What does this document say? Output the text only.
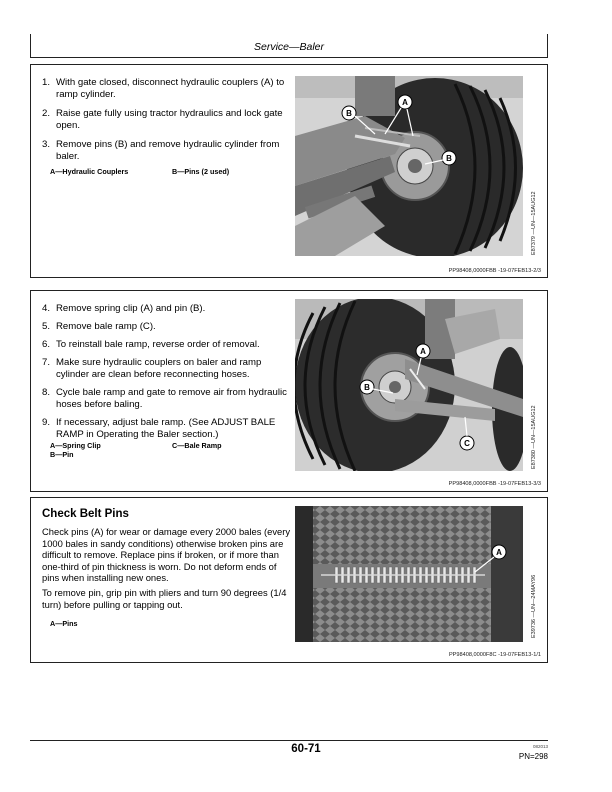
Service—Baler
1. With gate closed, disconnect hydraulic couplers (A) to ramp cylinder.
2. Raise gate fully using tractor hydraulics and lock gate open.
3. Remove pins (B) and remove hydraulic cylinder from baler.
A—Hydraulic Couplers	B—Pins (2 used)
A
B
B
E87379 —UN—15AUG12
PP98408,0000FBB -19-07FEB13-2/3
4. Remove spring clip (A) and pin (B).
5. Remove bale ramp (C).
6. To reinstall bale ramp, reverse order of removal.
7. Make sure hydraulic couplers on baler and ramp cylinder are clean before reconnecting hoses.
8. Cycle bale ramp and gate to remove air from hydraulic hoses before baling.
9. If necessary, adjust bale ramp. (See ADJUST BALE RAMP in Operating the Baler section.)
A—Spring Clip
B—Pin
C—Bale Ramp
A
B
C	E87380 —UN—15AUG12
PP98408,0000FBB -19-07FEB13-3/3
Check Belt Pins

Check pins (A) for wear or damage every 2000 bales (every 1000 bales in sandy conditions) otherwise broken pins are difficult to remove. Replace pins if broken, or if more than one-third of pin thickness is worn. Do not deform ends of pins when installing new ones.

To remove pin, grip pin with pliers and turn 90 degrees (1/4 turn) before pulling or tapping out.

A—Pins
A
E39736 —UN—24MAY96
PP98408,0000F8C -19-07FEB13-1/1
60-71	082013
PN=298
